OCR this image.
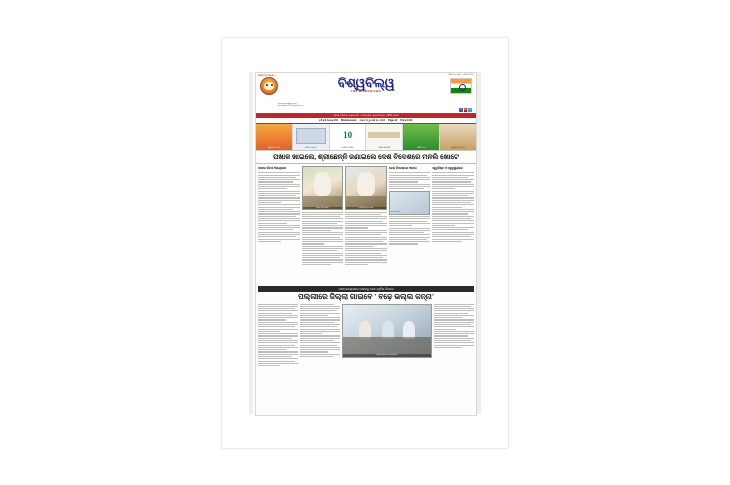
ସୋମବାର ଖବର...	ଶିକ୍ଷା ଓ ସଂସ୍କୃତି । ସମ୍ବାଦପତ୍ର
ବିଶ୍ୱବିଲ୍ୱ
THE BISWABILWA
www.biswabilwa.com
biswabilwa2017@gmail.com
f	▶	t
ଓଡ଼ିଶା ସରକାର ଅନୁମୋଦିତ • ସାପ୍ତାହିକ ସମ୍ବାଦପତ୍ର • RNI ଓଡ଼ିଆ
୪ର୍ଥ ବର୍ଷ Issue-404 Bhubaneswar ଚଇତ ୨୧ ରୁ ମାର୍ଚ୍ଚ ୨୭, ୨୦୨୨ Page-12 Price-3.00/-
ସ୍ୱାଗତମ୍ ଅଫର୍	ଫର୍ନିଚର୍ ଷ୍ଟୋର୍
10
ଟେଲିକମ୍ ଅଫର୍	ନିର୍ମାଣ ସାମଗ୍ରୀ	ଜୈବିକ ଚାଷ	ସ୍ୱର୍ଣ୍ଣ ଅଳଙ୍କାର
ପଖାଳ ଖାଇଲେ, ଶ୍ରୀଛେନ୍ନି ଜଣାଇଲେ ଦେଶ ବିଦେଶରେ ମନଲି ଖୋଟେ
ପଖାଳ ଦିବସ ଆୟୋଜନ
ପଖାଳ ଦିବସ ପାଳନ	ମନ୍ତ୍ରୀଙ୍କ ସହ ଭୋଜନ
ଦେଶ ବିଦେଶରେ ଆଦର
ଫାଇଲ୍ ଫଟୋ
ସ୍ୱାଦିଷ୍ଟ ଓ ସ୍ୱାସ୍ଥ୍ୟକର
ମହାନଗରୋକରେ ପାଖନ୍ତୁ ହେବ ନୂଆଁର ନିଦେଶ
ପଲ୍ଲୀରେ ଜିଲ୍ଲା ଗାଇବେ ' ବଢ଼େ ଭଲ୍‌ଲ କନ୍‌ନା'
ସମୀକ୍ଷା ବୈଠକରେ ଅଧିକାରୀମାନେ
